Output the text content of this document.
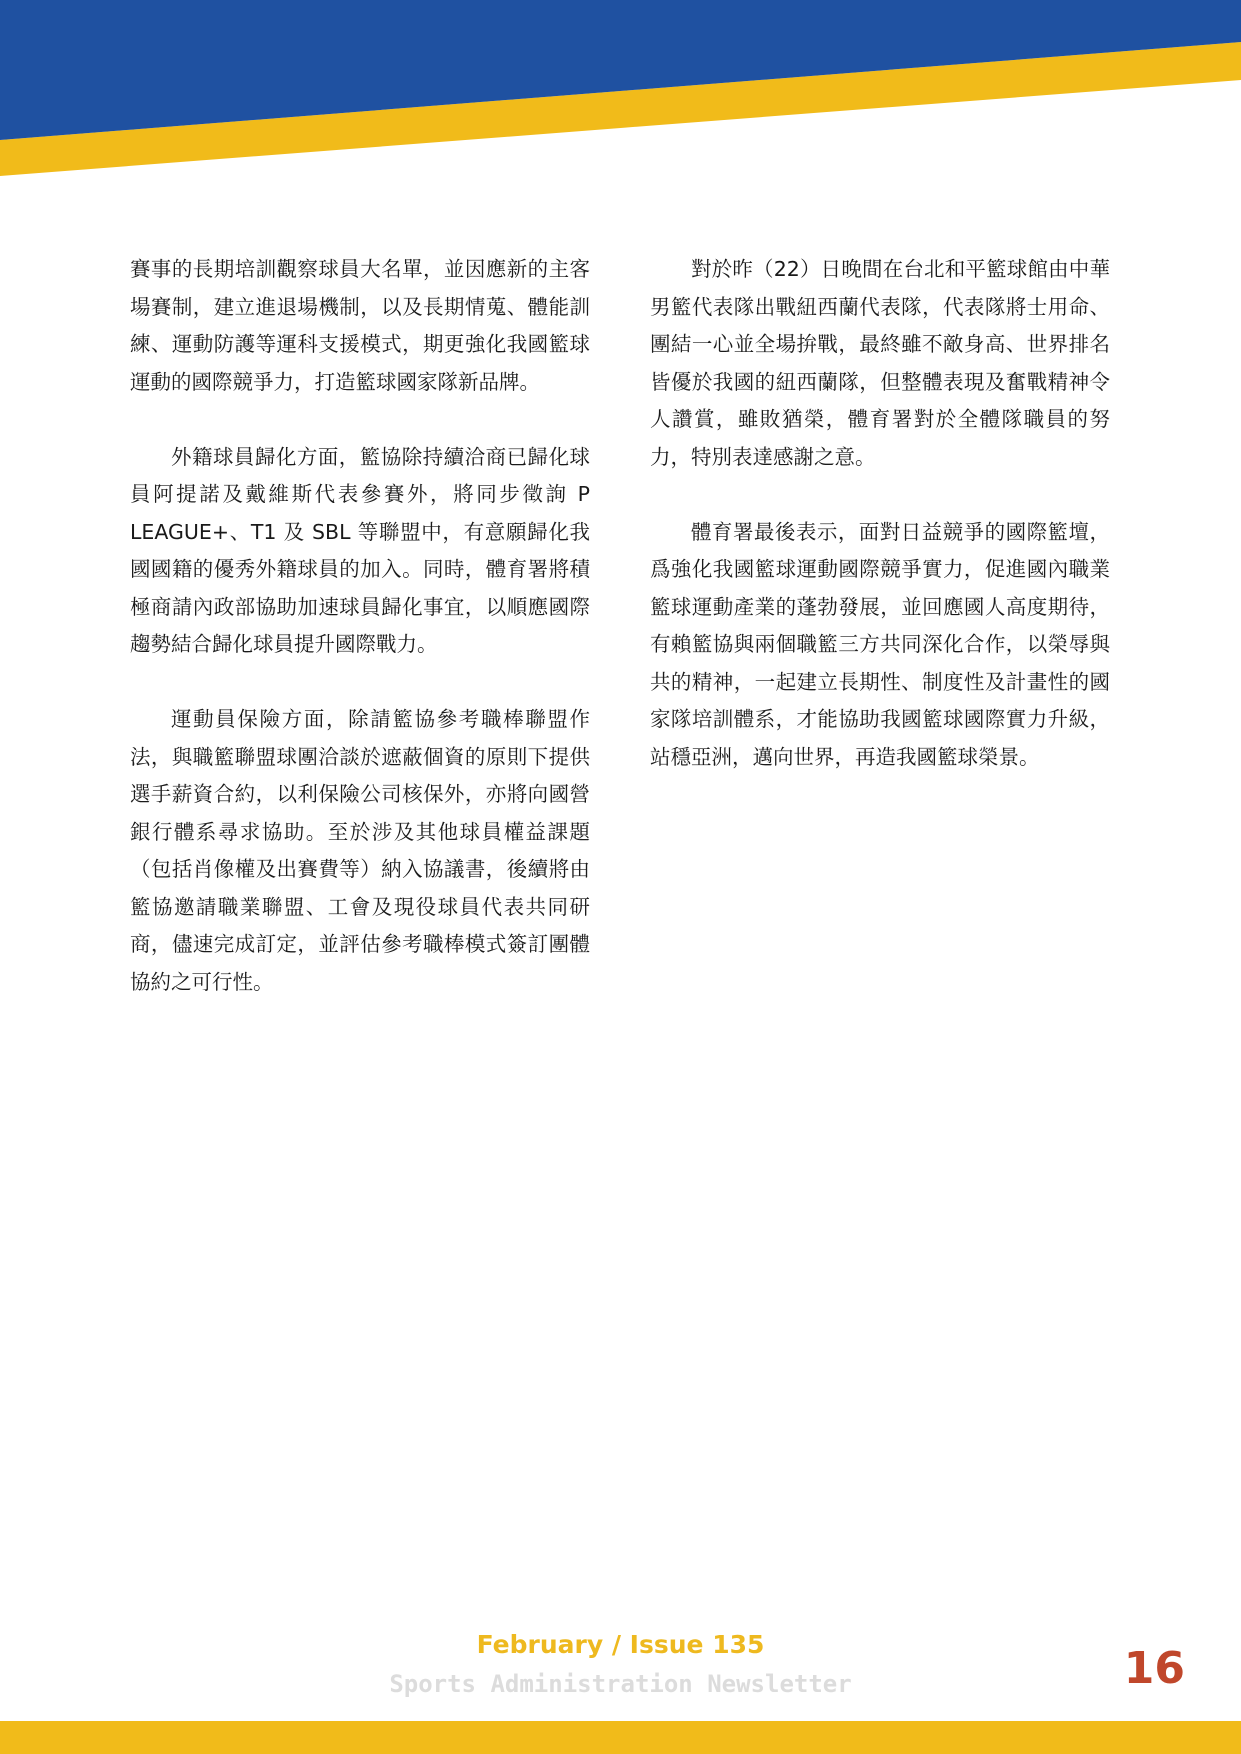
賽事的長期培訓觀察球員大名單，並因應新的主客場賽制，建立進退場機制，以及長期情蒐、體能訓練、運動防護等運科支援模式，期更強化我國籃球運動的國際競爭力，打造籃球國家隊新品牌。

外籍球員歸化方面，籃協除持續洽商已歸化球員阿提諾及戴維斯代表參賽外，將同步徵詢 P LEAGUE+、T1 及 SBL 等聯盟中，有意願歸化我國國籍的優秀外籍球員的加入。同時，體育署將積極商請內政部協助加速球員歸化事宜，以順應國際趨勢結合歸化球員提升國際戰力。

運動員保險方面，除請籃協參考職棒聯盟作法，與職籃聯盟球團洽談於遮蔽個資的原則下提供選手薪資合約，以利保險公司核保外，亦將向國營銀行體系尋求協助。至於涉及其他球員權益課題（包括肖像權及出賽費等）納入協議書，後續將由籃協邀請職業聯盟、工會及現役球員代表共同研商，儘速完成訂定，並評估參考職棒模式簽訂團體協約之可行性。

對於昨（22）日晚間在台北和平籃球館由中華男籃代表隊出戰紐西蘭代表隊，代表隊將士用命、團結一心並全場拚戰，最終雖不敵身高、世界排名皆優於我國的紐西蘭隊，但整體表現及奮戰精神令人讚賞，雖敗猶榮，體育署對於全體隊職員的努力，特別表達感謝之意。

體育署最後表示，面對日益競爭的國際籃壇，爲強化我國籃球運動國際競爭實力，促進國內職業籃球運動產業的蓬勃發展，並回應國人高度期待，有賴籃協與兩個職籃三方共同深化合作，以榮辱與共的精神，一起建立長期性、制度性及計畫性的國家隊培訓體系，才能協助我國籃球國際實力升級，站穩亞洲，邁向世界，再造我國籃球榮景。

February / Issue 135
Sports Administration Newsletter	16
